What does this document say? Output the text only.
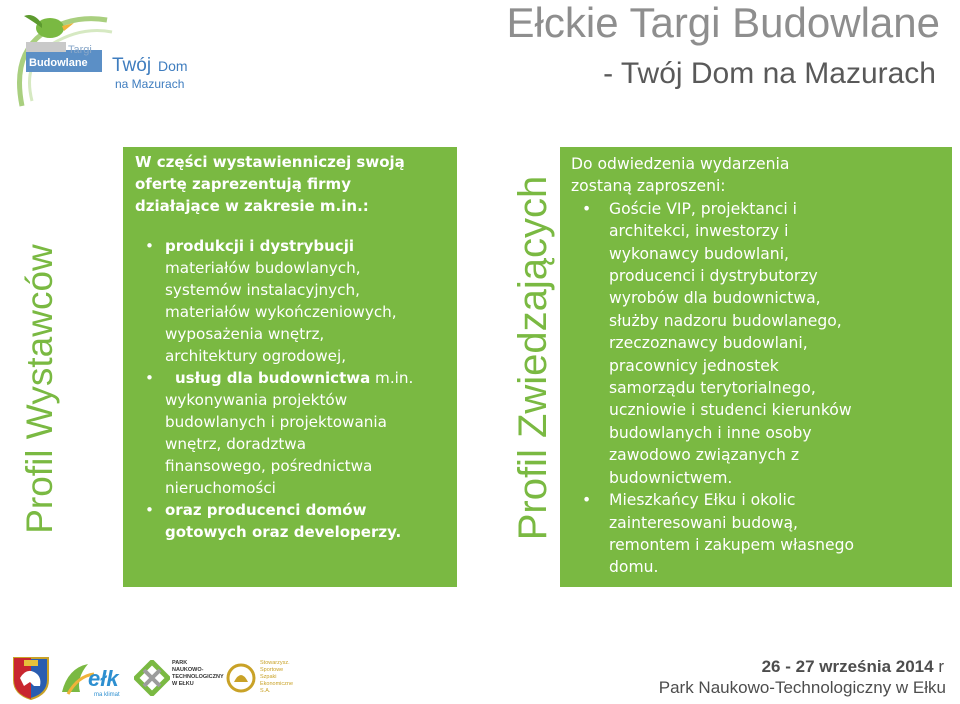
Targi
Budowlane Twój Dom
na Mazurach
Ełckie Targi Budowlane
- Twój Dom na Mazurach
Profil Wystawców	Profil Zwiedzających
W części wystawienniczej swoją
ofertę zaprezentują firmy
działające w zakresie m.in.:
• produkcji i dystrybucji
materiałów budowlanych,
systemów instalacyjnych,
materiałów wykończeniowych,
wyposażenia wnętrz,
architektury ogrodowej,
• usług dla budownictwa m.in.
wykonywania projektów
budowlanych i projektowania
wnętrz, doradztwa
finansowego, pośrednictwa
nieruchomości
• oraz producenci domów
gotowych oraz developerzy.
Do odwiedzenia wydarzenia
zostaną zaproszeni:
• Goście VIP, projektanci i
architekci, inwestorzy i
wykonawcy budowlani,
producenci i dystrybutorzy
wyrobów dla budownictwa,
służby nadzoru budowlanego,
rzeczoznawcy budowlani,
pracownicy jednostek
samorządu terytorialnego,
uczniowie i studenci kierunków
budowlanych i inne osoby
zawodowo związanych z
budownictwem.
• Mieszkańcy Ełku i okolic
zainteresowani budową,
remontem i zakupem własnego
domu.
ełk
ma klimat
PARK
NAUKOWO-
TECHNOLOGICZNY
W EŁKU
Stowarzysz.
Sportowe
Szpaki
Ekonomiczne
S.A.
26 - 27 września 2014 r
Park Naukowo-Technologiczny w Ełku
